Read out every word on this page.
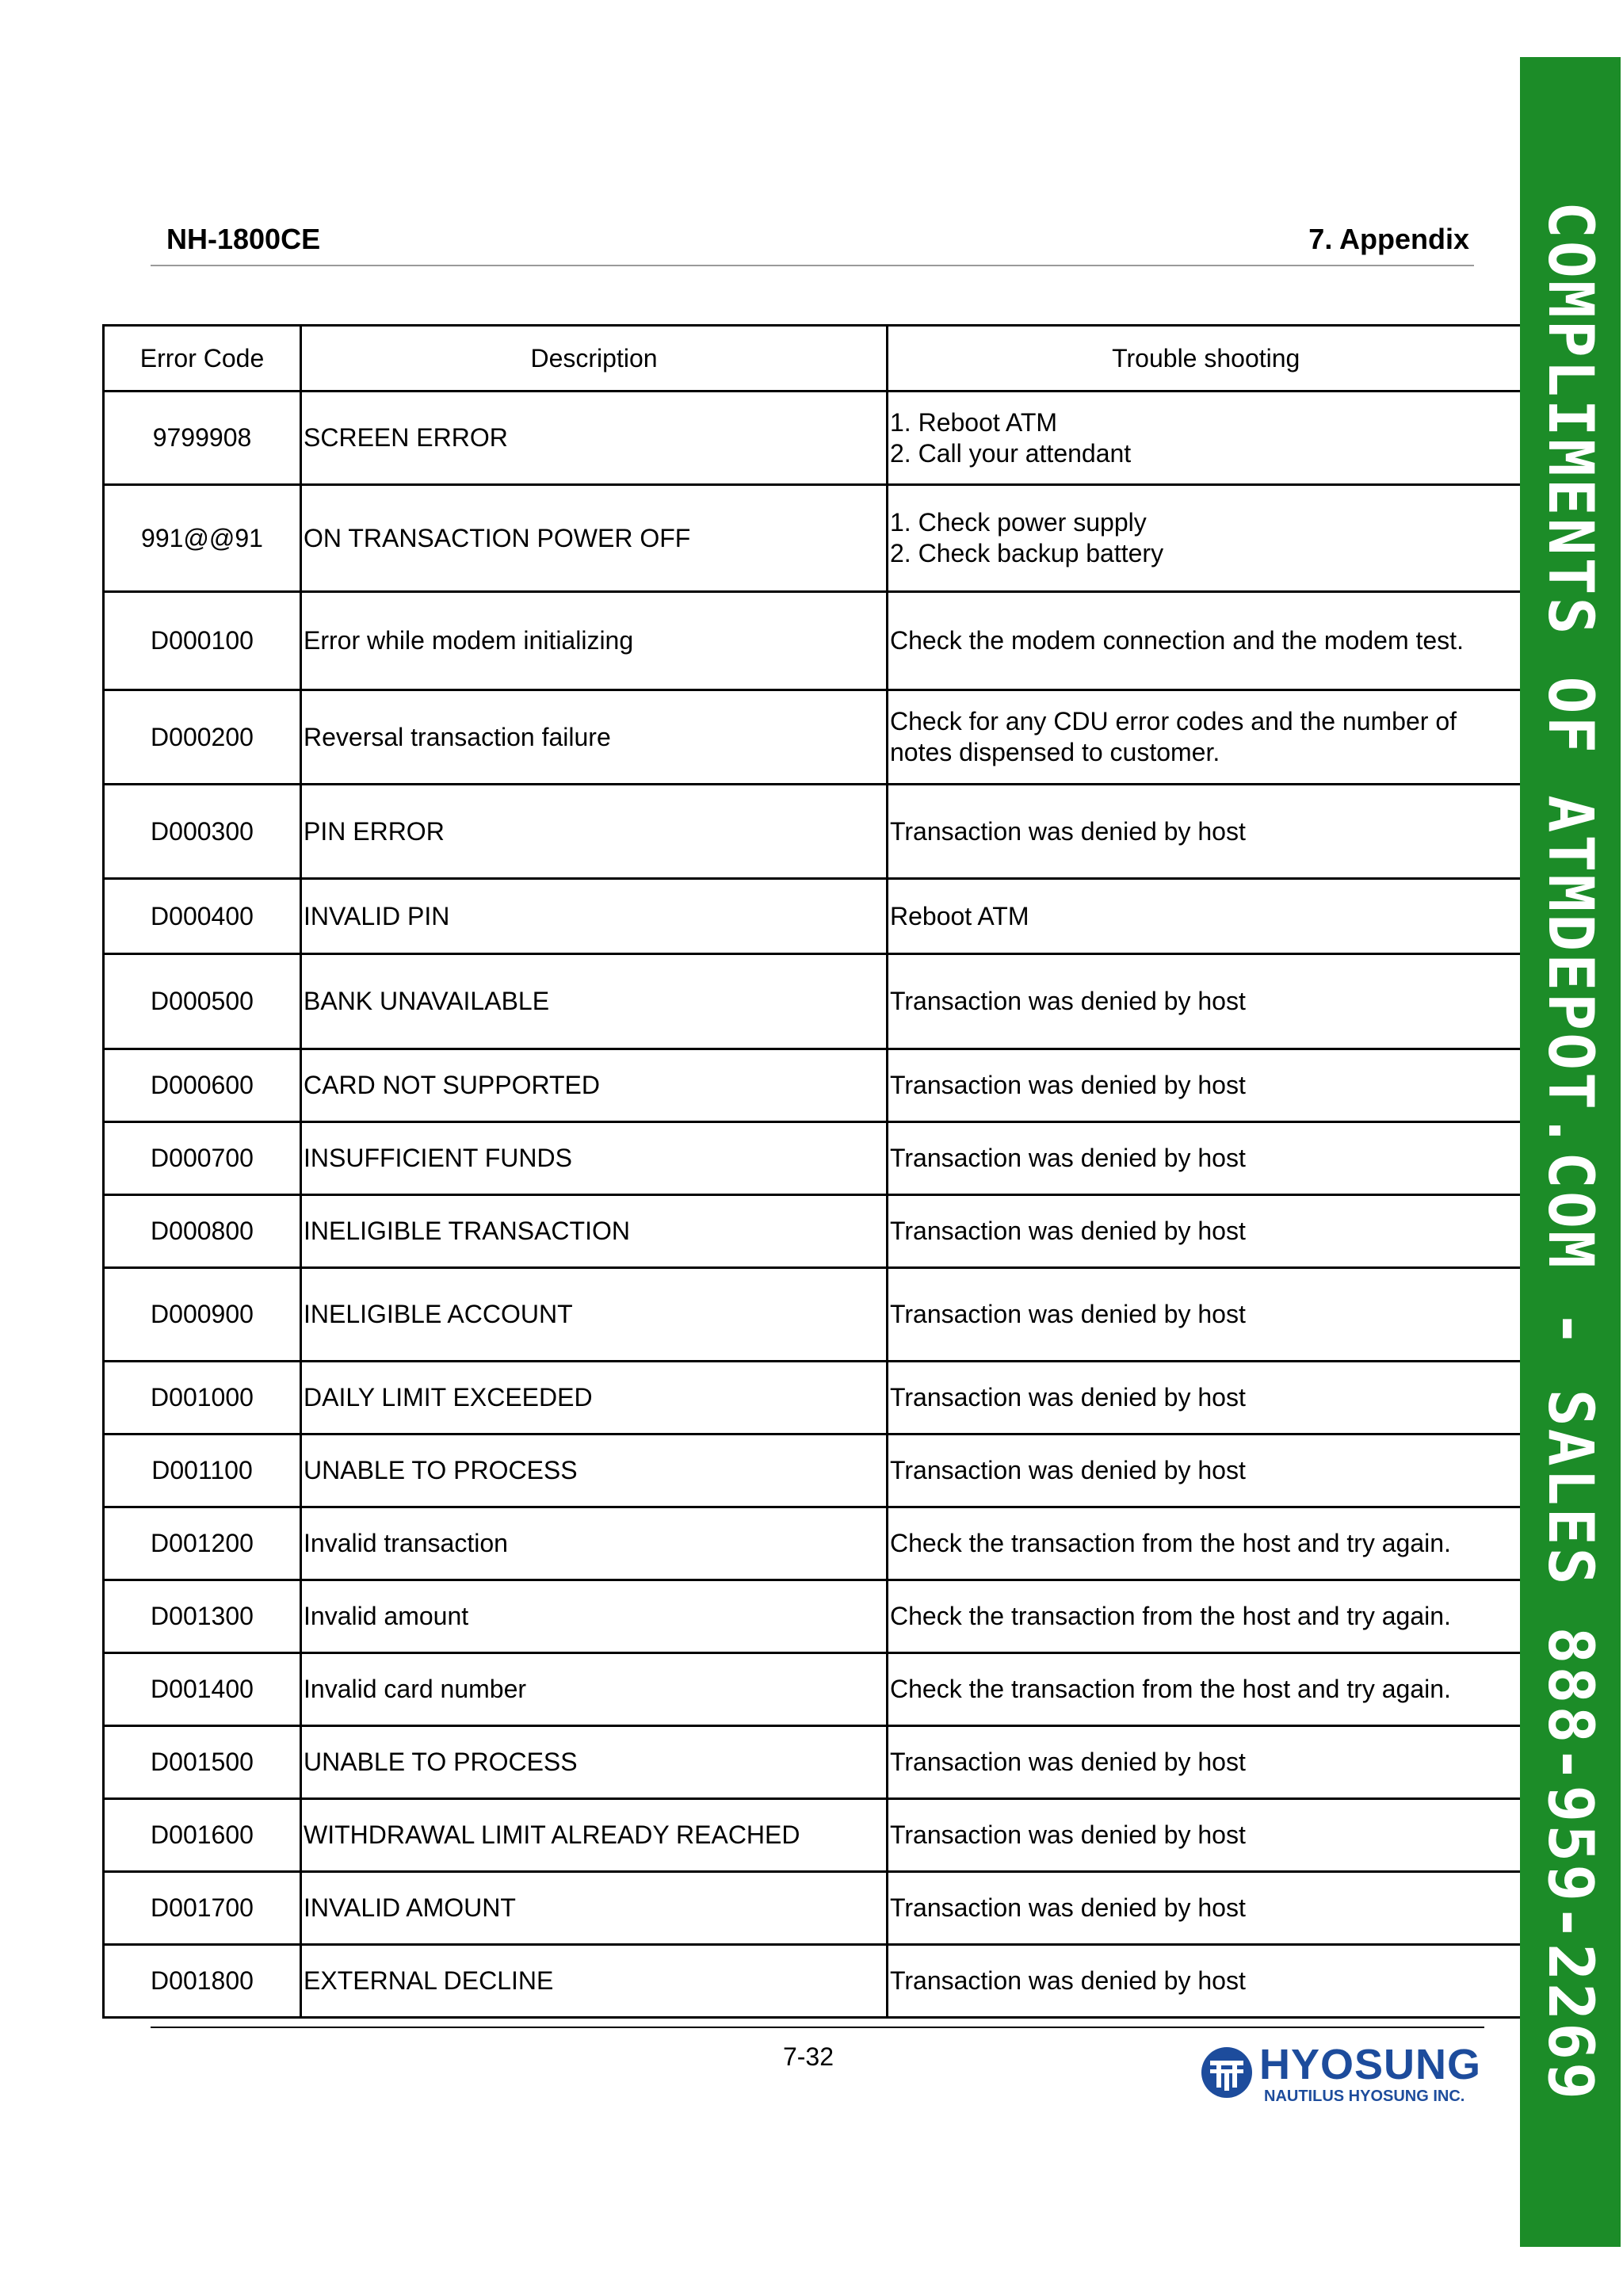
NH-1800CE	7. Appendix
Error Code	Description	Trouble shooting
9799908	SCREEN ERROR	1. Reboot ATM
2. Call your attendant

991@@91	ON TRANSACTION POWER OFF	1. Check power supply
2. Check backup battery

D000100	Error while modem initializing	Check the modem connection and the modem test.

D000200	Reversal transaction failure	Check for any CDU error codes and the number of
notes dispensed to customer.

D000300	PIN ERROR	Transaction was denied by host

D000400	INVALID PIN	Reboot ATM

D000500	BANK UNAVAILABLE	Transaction was denied by host

D000600	CARD NOT SUPPORTED	Transaction was denied by host

D000700	INSUFFICIENT FUNDS	Transaction was denied by host

D000800	INELIGIBLE TRANSACTION	Transaction was denied by host

D000900	INELIGIBLE ACCOUNT	Transaction was denied by host

D001000	DAILY LIMIT EXCEEDED	Transaction was denied by host

D001100	UNABLE TO PROCESS	Transaction was denied by host

D001200	Invalid transaction	Check the transaction from the host and try again.

D001300	Invalid amount	Check the transaction from the host and try again.

D001400	Invalid card number	Check the transaction from the host and try again.

D001500	UNABLE TO PROCESS	Transaction was denied by host

D001600	WITHDRAWAL LIMIT ALREADY REACHED	Transaction was denied by host

D001700	INVALID AMOUNT	Transaction was denied by host

D001800	EXTERNAL DECLINE	Transaction was denied by host
7-32	HYOSUNG
NAUTILUS HYOSUNG INC. COMPLIMENTS OF ATMDEPOT.COM - SALES 888-959-2269
